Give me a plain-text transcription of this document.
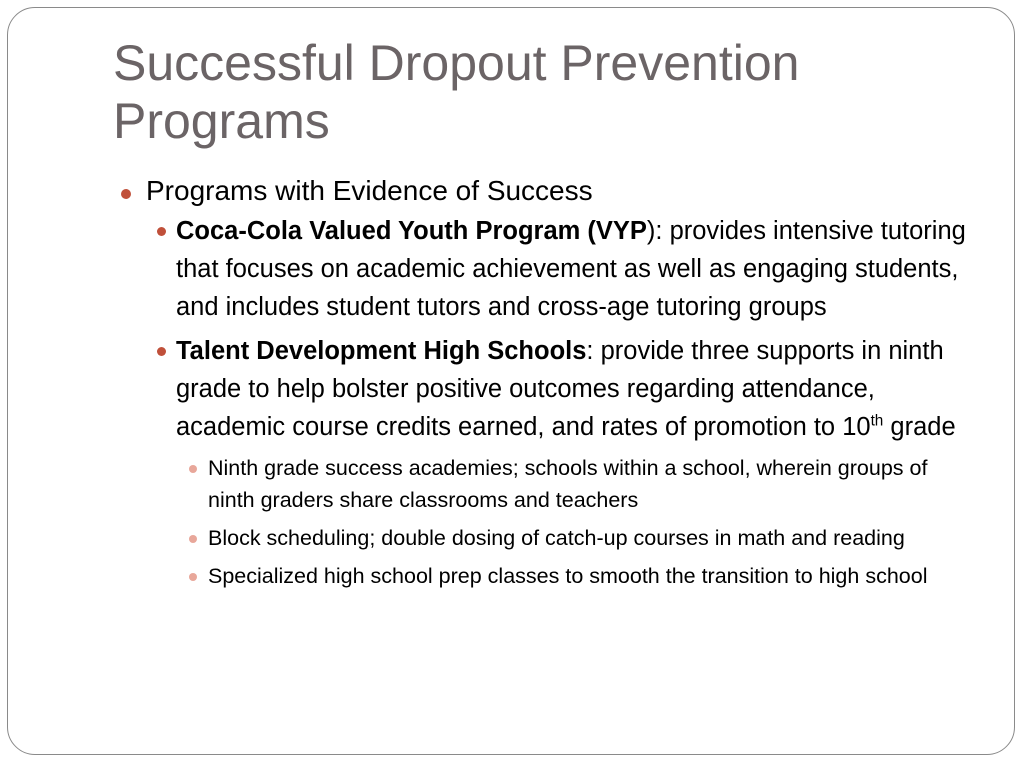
Successful Dropout Prevention Programs

Programs with Evidence of Success

Coca-Cola Valued Youth Program (VYP): provides intensive tutoring that focuses on academic achievement as well as engaging students, and includes student tutors and cross-age tutoring groups

Talent Development High Schools: provide three supports in ninth grade to help bolster positive outcomes regarding attendance, academic course credits earned, and rates of promotion to 10th grade

Ninth grade success academies; schools within a school, wherein groups of ninth graders share classrooms and teachers

Block scheduling; double dosing of catch-up courses in math and reading

Specialized high school prep classes to smooth the transition to high school
